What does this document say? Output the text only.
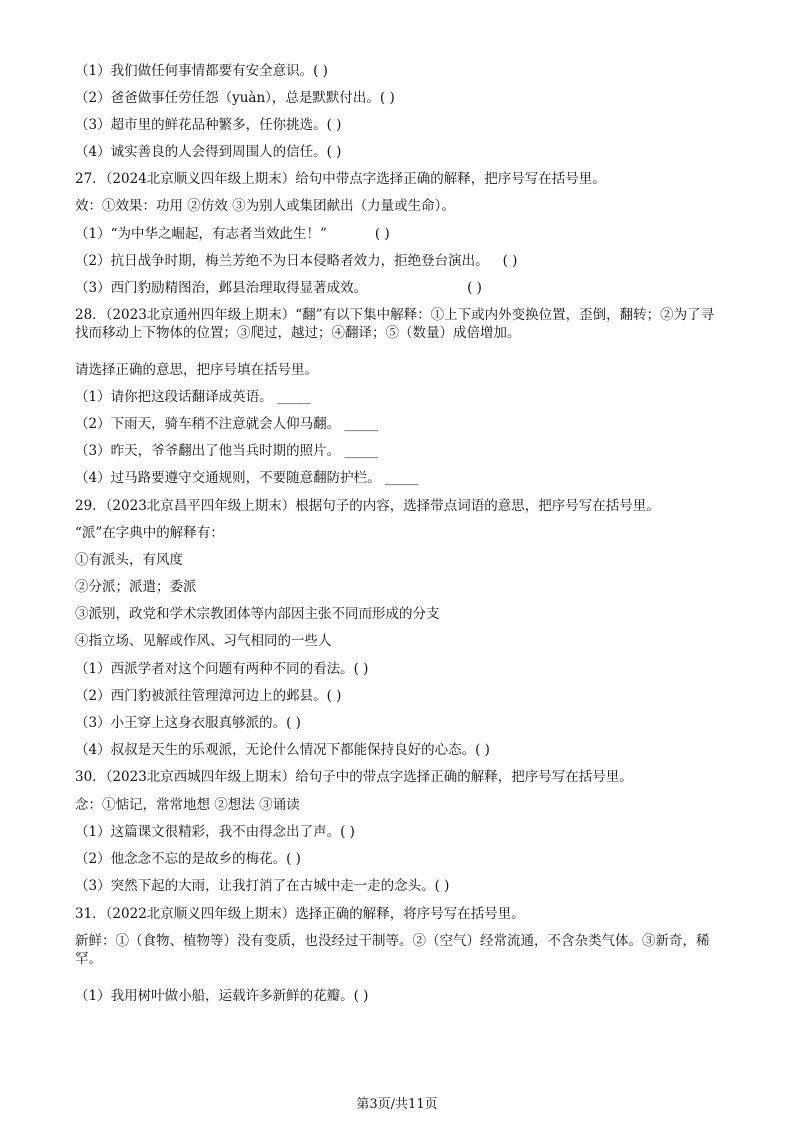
（1）我们做任何事情都要有安全意识。( )
（2）爸爸做事任劳任怨（yuàn），总是默默付出。( )
（3）超市里的鲜花品种繁多，任你挑选。( )
（4）诚实善良的人会得到周围人的信任。( )
27．（2024北京顺义四年级上期末）给句中带点字选择正确的解释，把序号写在括号里。
效：①效果：功用 ②仿效 ③为别人或集团献出（力量或生命）。
（1）“为中华之崛起，有志者当效此生！”	( )
（2）抗日战争时期，梅兰芳绝不为日本侵略者效力，拒绝登台演出。 ( )
（3）西门豹励精图治，邺县治理取得显著成效。	( )
28．（2023北京通州四年级上期末）“翻”有以下集中解释：①上下或内外变换位置，歪倒，翻转；②为了寻找而移动上下物体的位置；③爬过，越过；④翻译；⑤（数量）成倍增加。
请选择正确的意思，把序号填在括号里。
（1）请你把这段话翻译成英语。 _____
（2）下雨天，骑车稍不注意就会人仰马翻。 _____
（3）昨天，爷爷翻出了他当兵时期的照片。 _____
（4）过马路要遵守交通规则，不要随意翻防护栏。 _____
29．（2023北京昌平四年级上期末）根据句子的内容，选择带点词语的意思，把序号写在括号里。
“派”在字典中的解释有：
①有派头，有风度
②分派；派遣；委派
③派别，政党和学术宗教团体等内部因主张不同而形成的分支
④指立场、见解或作风、习气相同的一些人
（1）西派学者对这个问题有两种不同的看法。( )
（2）西门豹被派往管理漳河边上的邺县。( )
（3）小王穿上这身衣服真够派的。( )
（4）叔叔是天生的乐观派，无论什么情况下都能保持良好的心态。( )
30．（2023北京西城四年级上期末）给句子中的带点字选择正确的解释，把序号写在括号里。
念：①惦记，常常地想 ②想法 ③诵读
（1）这篇课文很精彩，我不由得念出了声。( )
（2）他念念不忘的是故乡的梅花。( )
（3）突然下起的大雨，让我打消了在古城中走一走的念头。( )
31．（2022北京顺义四年级上期末）选择正确的解释，将序号写在括号里。
新鲜：①（食物、植物等）没有变质，也没经过干制等。②（空气）经常流通，不含杂类气体。③新奇，稀罕。
（1）我用树叶做小船，运载许多新鲜的花瓣。( )
第3页/共11页
